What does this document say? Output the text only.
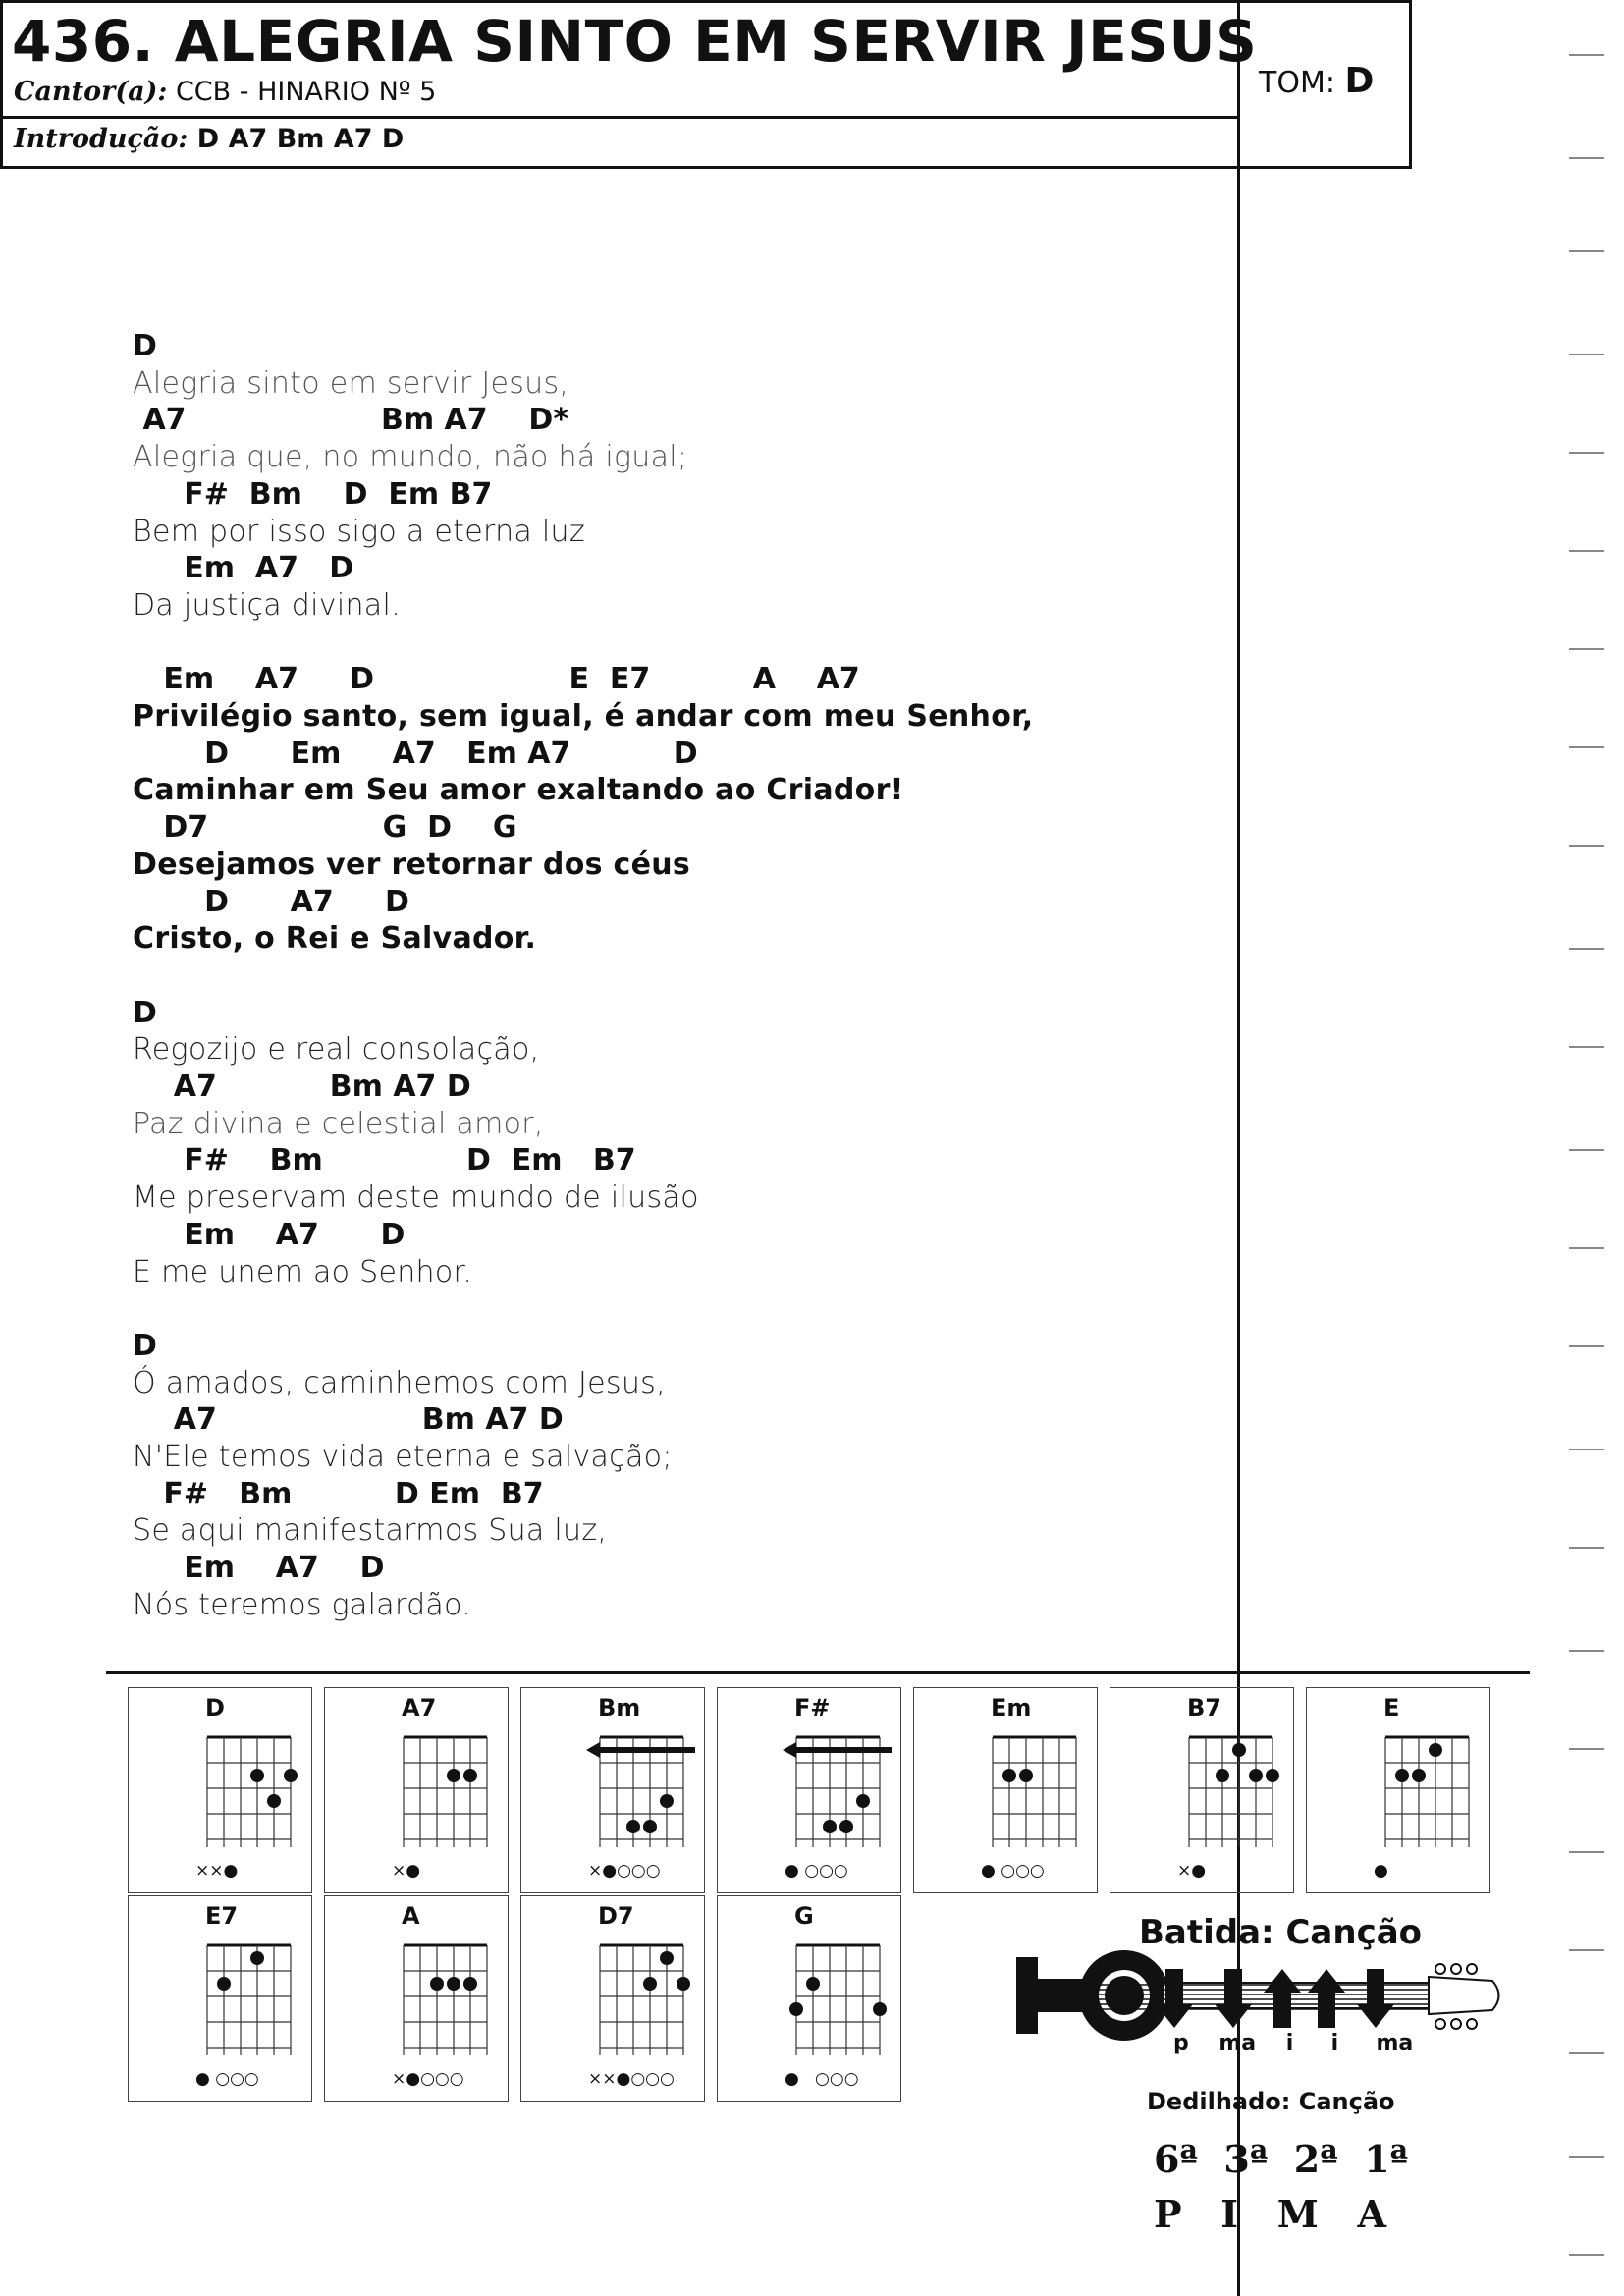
436. ALEGRIA SINTO EM SERVIR JESUS
Cantor(a): CCB - HINARIO Nº 5
Introdução: D A7 Bm A7 D
TOM: D
D
Alegria sinto em servir Jesus,
A7                   Bm A7    D*
Alegria que, no mundo, não há igual;
F#  Bm    D  Em B7
Bem por isso sigo a eterna luz
Em  A7   D
Da justiça divinal.
Em    A7     D                   E  E7          A    A7
Privilégio santo, sem igual, é andar com meu Senhor,
D      Em     A7   Em A7          D
Caminhar em Seu amor exaltando ao Criador!
D7                 G  D    G
Desejamos ver retornar dos céus
D      A7     D
Cristo, o Rei e Salvador.
D
Regozijo e real consolação,
A7           Bm A7 D
Paz divina e celestial amor,
F#    Bm              D  Em   B7
Me preservam deste mundo de ilusão
Em    A7      D
E me unem ao Senhor.
D
Ó amados, caminhemos com Jesus,
A7                    Bm A7 D
N'Ele temos vida eterna e salvação;
F#   Bm          D Em  B7
Se aqui manifestarmos Sua luz,
Em    A7    D
Nós teremos galardão.
D
××●
A7
×●
Bm
×●○○○
F#
● ○○○
Em
● ○○○
B7
×●
E
●
E7
● ○○○
A
×●○○○
D7
××●○○○
G
●   ○○○
Batida: Canção
p    ma    i     i     ma
Dedilhado: Canção
6ª  3ª  2ª  1ª
P   I   M   A
